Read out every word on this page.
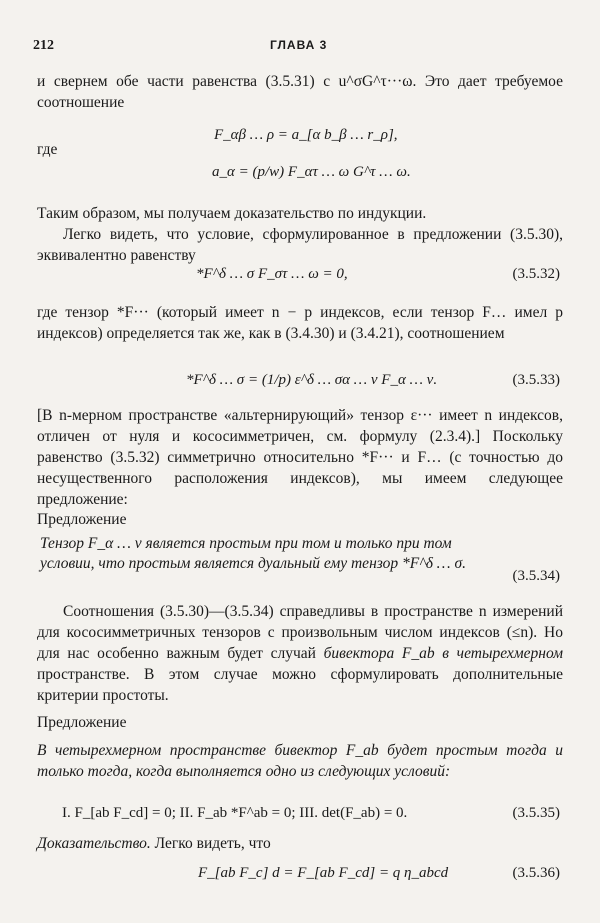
212	ГЛАВА 3
и свернем обе части равенства (3.5.31) с u^σG^τ···ω. Это дает требуемое соотношение
F_αβ … ρ = a_[α b_β … r_ρ],
где
a_α = (p/w) F_ατ … ω G^τ … ω.
Таким образом, мы получаем доказательство по индукции.
Легко видеть, что условие, сформулированное в предложении (3.5.30), эквивалентно равенству
*F^δ … σ F_στ … ω = 0,	(3.5.32)
где тензор *F··· (который имеет n − p индексов, если тензор F… имел p индексов) определяется так же, как в (3.4.30) и (3.4.21), соотношением
*F^δ … σ = (1/p) ε^δ … σα … ν F_α … ν.	(3.5.33)
[В n-мерном пространстве «альтернирующий» тензор ε··· имеет n индексов, отличен от нуля и кососимметричен, см. формулу (2.3.4).] Поскольку равенство (3.5.32) симметрично относительно *F··· и F… (с точностью до несущественного расположения индексов), мы имеем следующее предложение:
Предложение
Тензор F_α … ν является простым при том и только при том условии, что простым является дуальный ему тензор *F^δ … σ.
(3.5.34)
Соотношения (3.5.30)—(3.5.34) справедливы в пространстве n измерений для кососимметричных тензоров с произвольным числом индексов (≤n). Но для нас особенно важным будет случай бивектора F_ab в четырехмерном пространстве. В этом случае можно сформулировать дополнительные критерии простоты.
Предложение
В четырехмерном пространстве бивектор F_ab будет простым тогда и только тогда, когда выполняется одно из следующих условий:
I. F_[ab F_cd] = 0; II. F_ab *F^ab = 0; III. det(F_ab) = 0.	(3.5.35)
Доказательство. Легко видеть, что
F_[ab F_c] d = F_[ab F_cd] = q η_abcd	(3.5.36)
